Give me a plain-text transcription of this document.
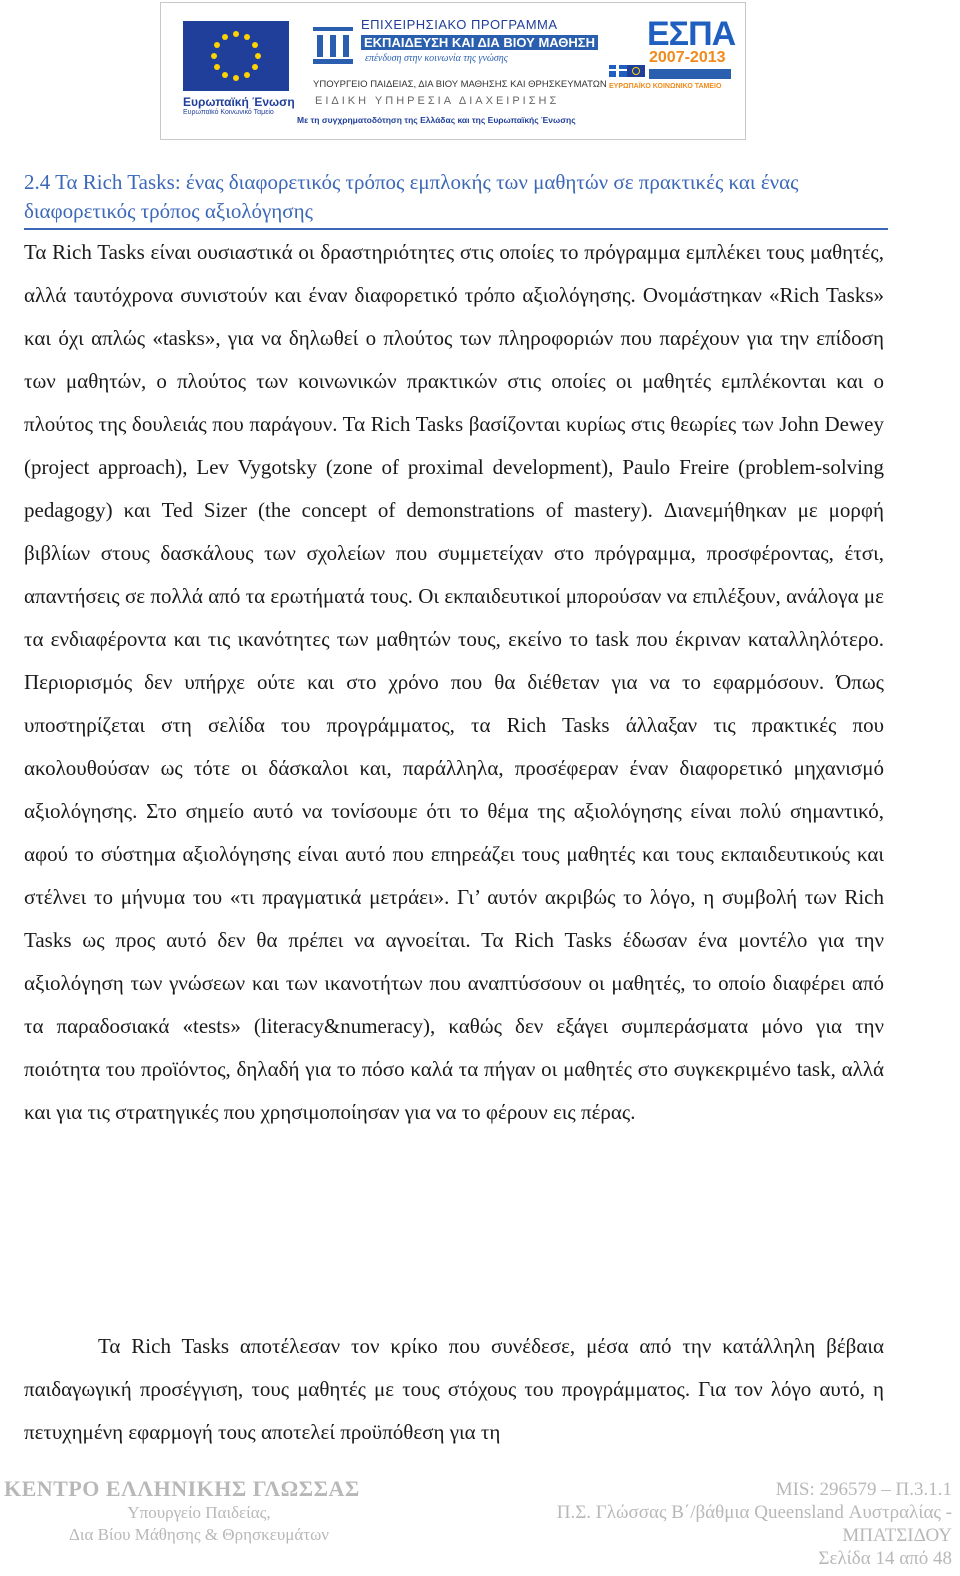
Ευρωπαϊκή Ένωση
Ευρωπαϊκό Κοινωνικό Ταμείο
ΕΠΙΧΕΙΡΗΣΙΑΚΟ ΠΡΟΓΡΑΜΜΑ
ΕΚΠΑΙΔΕΥΣΗ ΚΑΙ ΔΙΑ ΒΙΟΥ ΜΑΘΗΣΗ
επένδυση στην κοινωνία της γνώσης
ΥΠΟΥΡΓΕΙΟ ΠΑΙΔΕΙΑΣ, ΔΙΑ ΒΙΟΥ ΜΑΘΗΣΗΣ ΚΑΙ ΘΡΗΣΚΕΥΜΑΤΩΝ
ΕΙΔΙΚΗ ΥΠΗΡΕΣΙΑ ΔΙΑΧΕΙΡΙΣΗΣ
Με τη συγχρηματοδότηση της Ελλάδας και της Ευρωπαϊκής Ένωσης
ΕΣΠΑ
2007-2013
ΕΥΡΩΠΑΪΚΟ ΚΟΙΝΩΝΙΚΟ ΤΑΜΕΙΟ
2.4 Τα Rich Tasks: ένας διαφορετικός τρόπος εμπλοκής των μαθητών σε πρακτικές και ένας διαφορετικός τρόπος αξιολόγησης

Τα Rich Tasks είναι ουσιαστικά οι δραστηριότητες στις οποίες το πρόγραμμα εμπλέκει τους μαθητές, αλλά ταυτόχρονα συνιστούν και έναν διαφορετικό τρόπο αξιολόγησης. Ονομάστηκαν «Rich Tasks» και όχι απλώς «tasks», για να δηλωθεί ο πλούτος των πληροφοριών που παρέχουν για την επίδοση των μαθητών, ο πλούτος των κοινωνικών πρακτικών στις οποίες οι μαθητές εμπλέκονται και ο πλούτος της δουλειάς που παράγουν. Τα Rich Tasks βασίζονται κυρίως στις θεωρίες των John Dewey (project approach), Lev Vygotsky (zone of proximal development), Paulo Freire (problem-solving pedagogy) και Ted Sizer (the concept of demonstrations of mastery). Διανεμήθηκαν με μορφή βιβλίων στους δασκάλους των σχολείων που συμμετείχαν στο πρόγραμμα, προσφέροντας, έτσι, απαντήσεις σε πολλά από τα ερωτήματά τους. Οι εκπαιδευτικοί μπορούσαν να επιλέξουν, ανάλογα με τα ενδιαφέροντα και τις ικανότητες των μαθητών τους, εκείνο το task που έκριναν καταλληλότερο. Περιορισμός δεν υπήρχε ούτε και στο χρόνο που θα διέθεταν για να το εφαρμόσουν. Όπως υποστηρίζεται στη σελίδα του προγράμματος, τα Rich Tasks άλλαξαν τις πρακτικές που ακολουθούσαν ως τότε οι δάσκαλοι και, παράλληλα, προσέφεραν έναν διαφορετικό μηχανισμό αξιολόγησης. Στο σημείο αυτό να τονίσουμε ότι το θέμα της αξιολόγησης είναι πολύ σημαντικό, αφού το σύστημα αξιολόγησης είναι αυτό που επηρεάζει τους μαθητές και τους εκπαιδευτικούς και στέλνει το μήνυμα του «τι πραγματικά μετράει». Γι’ αυτόν ακριβώς το λόγο, η συμβολή των Rich Tasks ως προς αυτό δεν θα πρέπει να αγνοείται. Τα Rich Tasks έδωσαν ένα μοντέλο για την αξιολόγηση των γνώσεων και των ικανοτήτων που αναπτύσσουν οι μαθητές, το οποίο διαφέρει από τα παραδοσιακά «tests» (literacy&numeracy), καθώς δεν εξάγει συμπεράσματα μόνο για την ποιότητα του προϊόντος, δηλαδή για το πόσο καλά τα πήγαν οι μαθητές στο συγκεκριμένο task, αλλά και για τις στρατηγικές που χρησιμοποίησαν για να το φέρουν εις πέρας.

Τα Rich Tasks αποτέλεσαν τον κρίκο που συνέδεσε, μέσα από την κατάλληλη βέβαια παιδαγωγική προσέγγιση, τους μαθητές με τους στόχους του προγράμματος. Για τον λόγο αυτό, η πετυχημένη εφαρμογή τους αποτελεί προϋπόθεση για τη

ΚΕΝΤΡΟ ΕΛΛΗΝΙΚΗΣ ΓΛΩΣΣΑΣ
Υπουργείο Παιδείας,
Δια Βίου Μάθησης & Θρησκευμάτων
MIS: 296579 – Π.3.1.1
Π.Σ. Γλώσσας Β΄/βάθμια Queensland Αυστραλίας -
ΜΠΑΤΣΙΔΟΥ
Σελίδα 14 από 48
